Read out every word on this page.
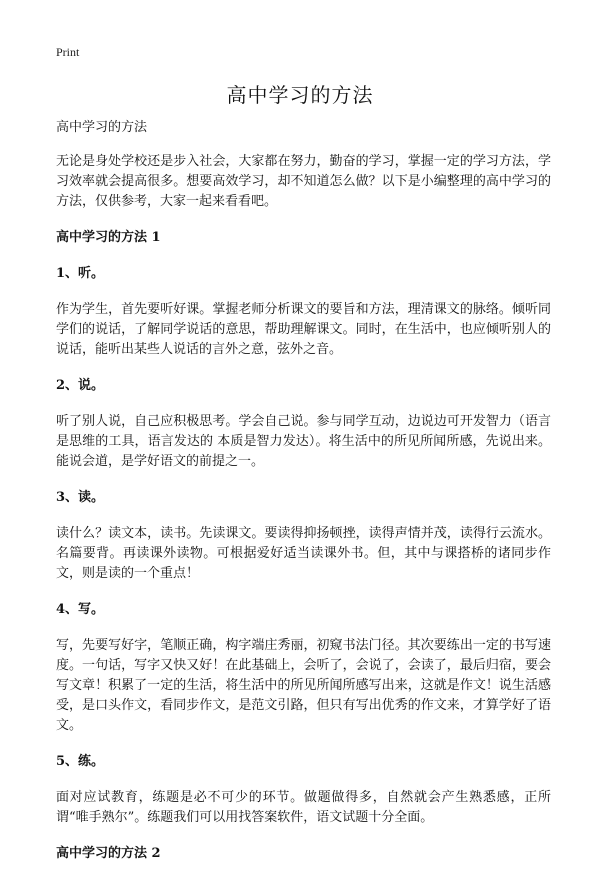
Print
高中学习的方法

高中学习的方法

无论是身处学校还是步入社会，大家都在努力，勤奋的学习，掌握一定的学习方法，学习效率就会提高很多。想要高效学习，却不知道怎么做？以下是小编整理的高中学习的方法，仅供参考，大家一起来看看吧。

高中学习的方法 1

1、听。

作为学生，首先要听好课。掌握老师分析课文的要旨和方法，理清课文的脉络。倾听同学们的说话，了解同学说话的意思，帮助理解课文。同时，在生活中，也应倾听别人的说话，能听出某些人说话的言外之意，弦外之音。

2、说。

听了别人说，自己应积极思考。学会自己说。参与同学互动，边说边可开发智力（语言是思维的工具，语言发达的 本质是智力发达）。将生活中的所见所闻所感，先说出来。能说会道，是学好语文的前提之一。

3、读。

读什么？读文本，读书。先读课文。要读得抑扬顿挫，读得声情并茂，读得行云流水。名篇要背。再读课外读物。可根据爱好适当读课外书。但，其中与课搭桥的诸同步作文，则是读的一个重点！

4、写。

写，先要写好字，笔顺正确，构字端庄秀丽，初窥书法门径。其次要练出一定的书写速度。一句话，写字又快又好！在此基础上，会听了，会说了，会读了，最后归宿，要会写文章！积累了一定的生活，将生活中的所见所闻所感写出来，这就是作文！说生活感受，是口头作文，看同步作文，是范文引路，但只有写出优秀的作文来，才算学好了语文。

5、练。

面对应试教育，练题是必不可少的环节。做题做得多，自然就会产生熟悉感，正所谓“唯手熟尔”。练题我们可以用找答案软件，语文试题十分全面。

高中学习的方法 2
